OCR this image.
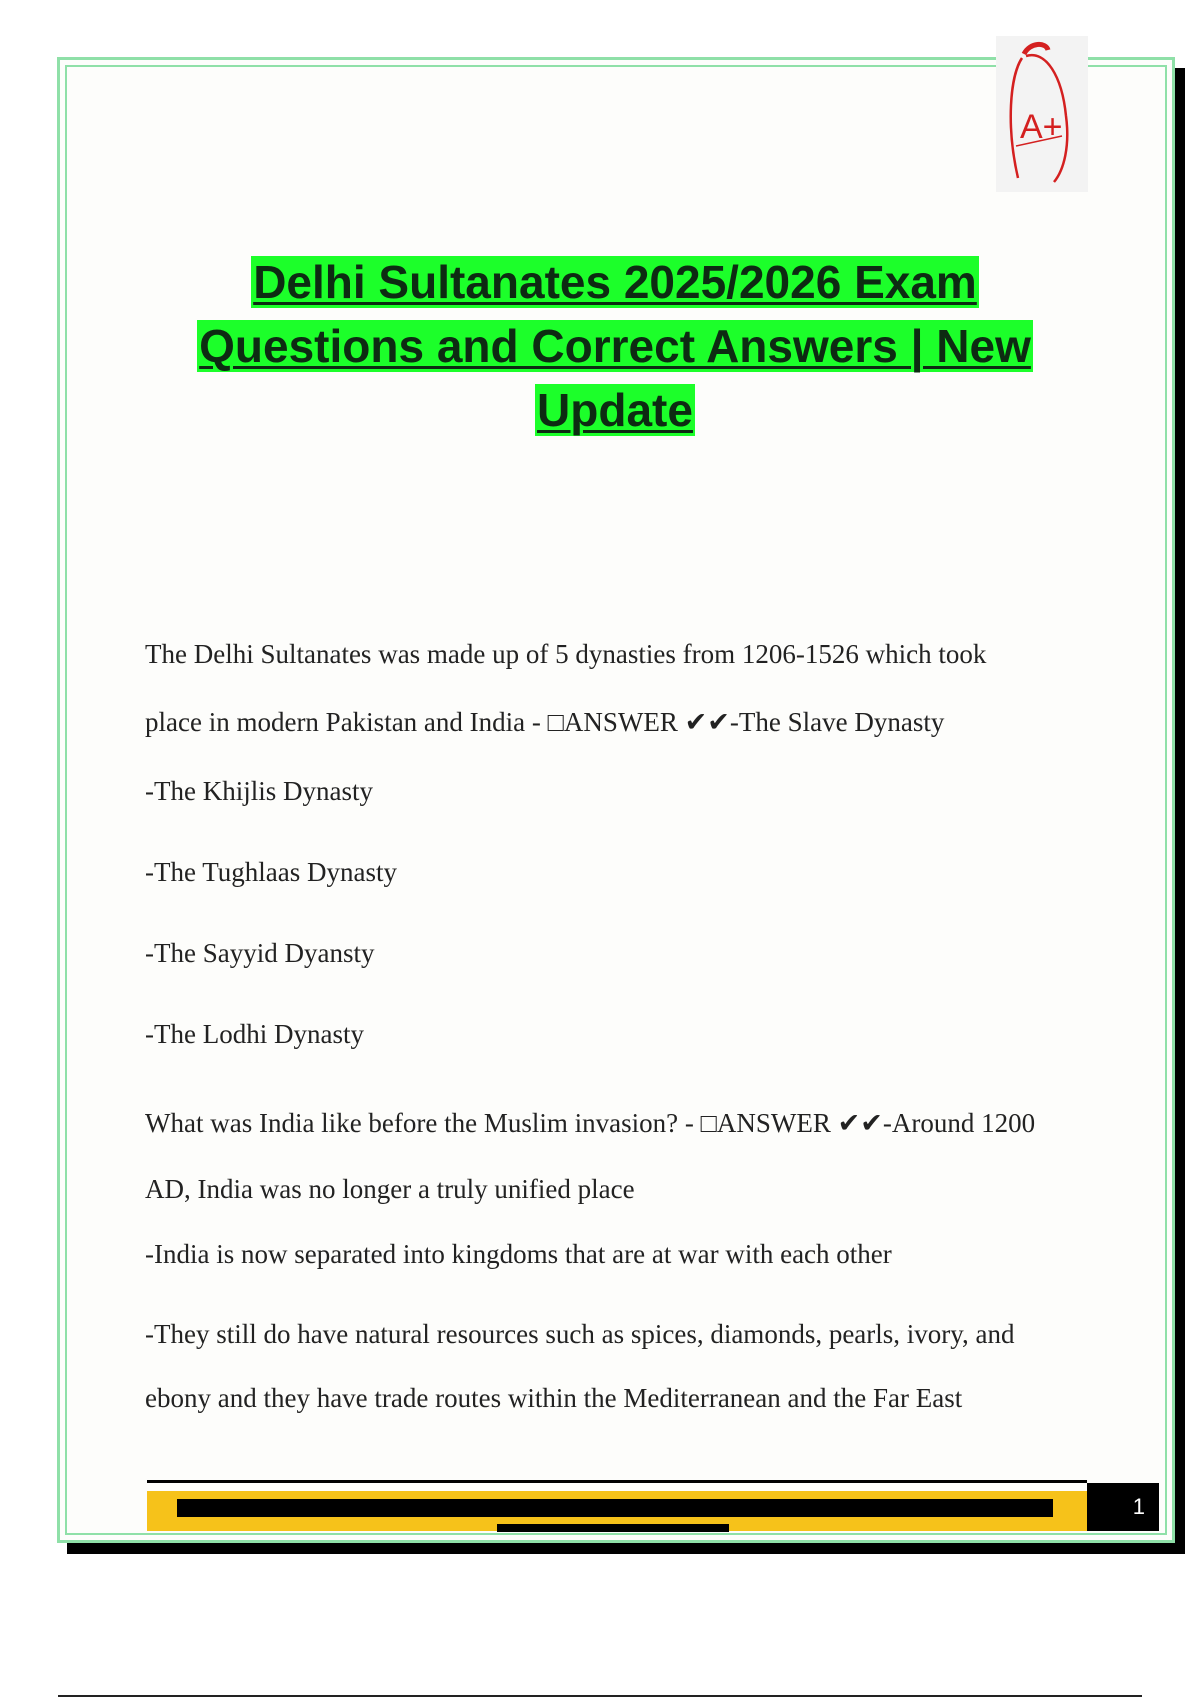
A+
Delhi Sultanates 2025/2026 Exam
Questions and Correct Answers | New
Update

The Delhi Sultanates was made up of 5 dynasties from 1206-1526 which took

place in modern Pakistan and India - □ANSWER ✔✔-The Slave Dynasty

-The Khijlis Dynasty

-The Tughlaas Dynasty

-The Sayyid Dyansty

-The Lodhi Dynasty

What was India like before the Muslim invasion? - □ANSWER ✔✔-Around 1200

AD, India was no longer a truly unified place

-India is now separated into kingdoms that are at war with each other

-They still do have natural resources such as spices, diamonds, pearls, ivory, and

ebony and they have trade routes within the Mediterranean and the Far East

1
